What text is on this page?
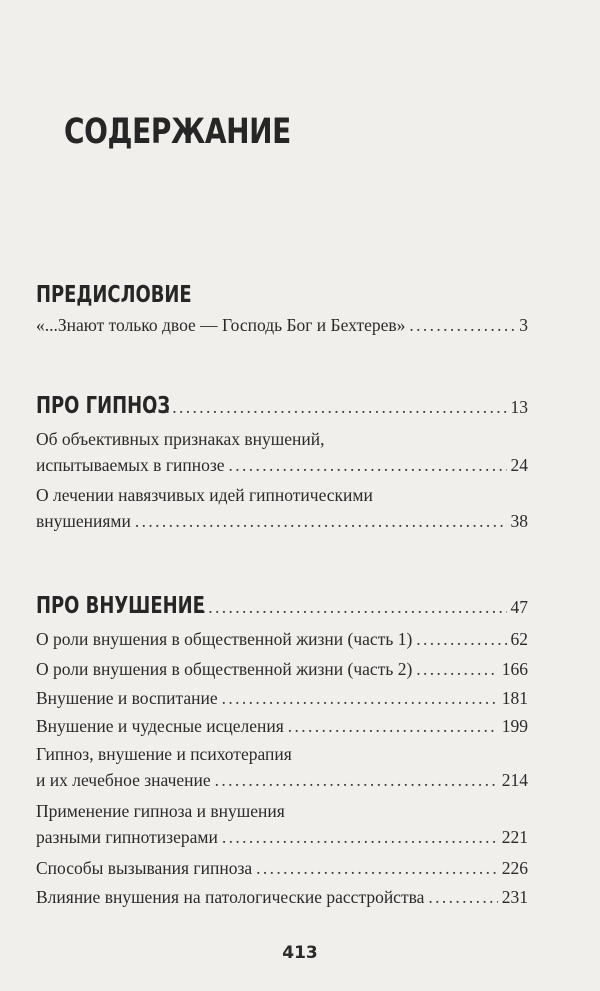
СОДЕРЖАНИЕ
ПРЕДИСЛОВИЕ
«...Знают только двое — Господь Бог и Бехтерев» . . .	3
ПРО ГИПНОЗ . . .	13
Об объективных признаках внушений,
испытываемых в гипнозе . . .	24
О лечении навязчивых идей гипнотическими
внушениями . . .	38
ПРО ВНУШЕНИЕ . . .	47
О роли внушения в общественной жизни (часть 1) . . .	62
О роли внушения в общественной жизни (часть 2) . . .	166
Внушение и воспитание . . .	181
Внушение и чудесные исцеления . . .	199
Гипноз, внушение и психотерапия
и их лечебное значение . . .	214
Применение гипноза и внушения
разными гипнотизерами . . .	221
Способы вызывания гипноза . . .	226
Влияние внушения на патологические расстройства . . .	231
413
